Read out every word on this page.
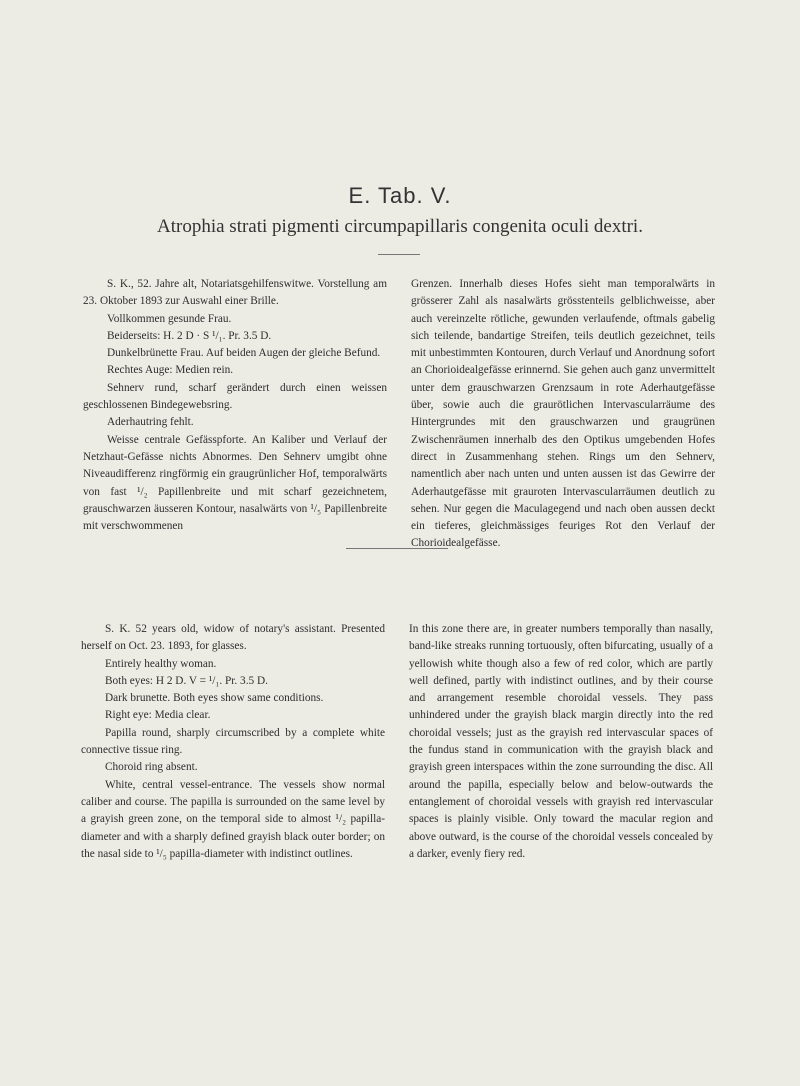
E. Tab. V.
Atrophia strati pigmenti circumpapillaris congenita oculi dextri.

S. K., 52. Jahre alt, Notariatsgehilfenswitwe. Vorstellung am 23. Oktober 1893 zur Auswahl einer Brille.

Vollkommen gesunde Frau.

Beiderseits: H. 2 D · S ¹/₁. Pr. 3.5 D.

Dunkelbrünette Frau. Auf beiden Augen der gleiche Befund.

Rechtes Auge: Medien rein.

Sehnerv rund, scharf gerändert durch einen weissen geschlossenen Bindegewebsring.

Aderhautring fehlt.

Weisse centrale Gefässpforte. An Kaliber und Verlauf der Netzhaut-Gefässe nichts Abnormes. Den Sehnerv umgibt ohne Niveaudifferenz ringförmig ein graugrünlicher Hof, temporalwärts von fast ¹/₂ Papillenbreite und mit scharf gezeichnetem, grauschwarzen äusseren Kontour, nasalwärts von ¹/₅ Papillenbreite mit verschwommenen

Grenzen. Innerhalb dieses Hofes sieht man temporalwärts in grösserer Zahl als nasalwärts grösstenteils gelblichweisse, aber auch vereinzelte rötliche, gewunden verlaufende, oftmals gabelig sich teilende, bandartige Streifen, teils deutlich gezeichnet, teils mit unbestimmten Kontouren, durch Verlauf und Anordnung sofort an Chorioidealgefässe erinnernd. Sie gehen auch ganz unvermittelt unter dem grauschwarzen Grenzsaum in rote Aderhautgefässe über, sowie auch die graurötlichen Intervascularräume des Hintergrundes mit den grauschwarzen und graugrünen Zwischenräumen innerhalb des den Optikus umgebenden Hofes direct in Zusammenhang stehen. Rings um den Sehnerv, namentlich aber nach unten und unten aussen ist das Gewirre der Aderhautgefässe mit grauroten Intervascularräumen deutlich zu sehen. Nur gegen die Maculagegend und nach oben aussen deckt ein tieferes, gleichmässiges feuriges Rot den Verlauf der Chorioidealgefässe.

S. K. 52 years old, widow of notary's assistant. Presented herself on Oct. 23. 1893, for glasses.

Entirely healthy woman.

Both eyes: H 2 D. V = ¹/₁. Pr. 3.5 D.

Dark brunette. Both eyes show same conditions.

Right eye: Media clear.

Papilla round, sharply circumscribed by a complete white connective tissue ring.

Choroid ring absent.

White, central vessel-entrance. The vessels show normal caliber and course. The papilla is surrounded on the same level by a grayish green zone, on the temporal side to almost ¹/₂ papilla-diameter and with a sharply defined grayish black outer border; on the nasal side to ¹/₅ papilla-diameter with indistinct outlines.

In this zone there are, in greater numbers temporally than nasally, band-like streaks running tortuously, often bifurcating, usually of a yellowish white though also a few of red color, which are partly well defined, partly with indistinct outlines, and by their course and arrangement resemble choroidal vessels. They pass unhindered under the grayish black margin directly into the red choroidal vessels; just as the grayish red intervascular spaces of the fundus stand in communication with the grayish black and grayish green interspaces within the zone surrounding the disc. All around the papilla, especially below and below-outwards the entanglement of choroidal vessels with grayish red intervascular spaces is plainly visible. Only toward the macular region and above outward, is the course of the choroidal vessels concealed by a darker, evenly fiery red.
